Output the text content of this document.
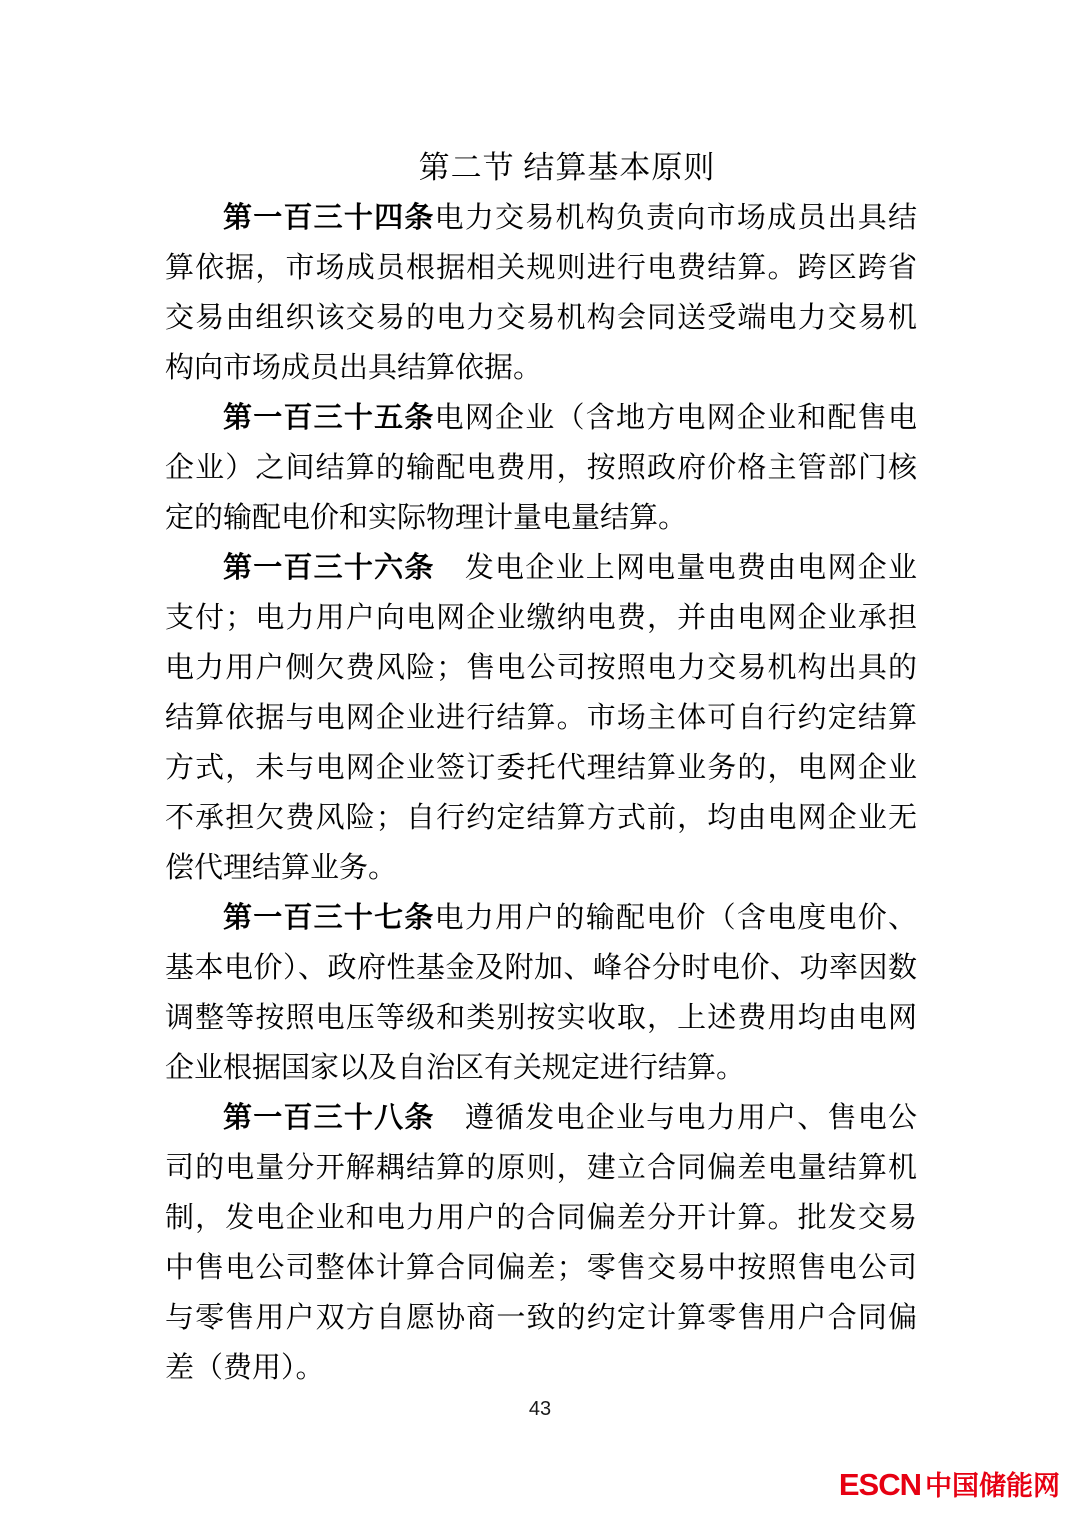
第二节 结算基本原则

第一百三十四条电力交易机构负责向市场成员出具结算依据，市场成员根据相关规则进行电费结算。跨区跨省交易由组织该交易的电力交易机构会同送受端电力交易机构向市场成员出具结算依据。

第一百三十五条电网企业（含地方电网企业和配售电企业）之间结算的输配电费用，按照政府价格主管部门核定的输配电价和实际物理计量电量结算。

第一百三十六条　发电企业上网电量电费由电网企业支付；电力用户向电网企业缴纳电费，并由电网企业承担电力用户侧欠费风险；售电公司按照电力交易机构出具的结算依据与电网企业进行结算。市场主体可自行约定结算方式，未与电网企业签订委托代理结算业务的，电网企业不承担欠费风险；自行约定结算方式前，均由电网企业无偿代理结算业务。

第一百三十七条电力用户的输配电价（含电度电价、基本电价）、政府性基金及附加、峰谷分时电价、功率因数调整等按照电压等级和类别按实收取，上述费用均由电网企业根据国家以及自治区有关规定进行结算。

第一百三十八条　遵循发电企业与电力用户、售电公司的电量分开解耦结算的原则，建立合同偏差电量结算机制，发电企业和电力用户的合同偏差分开计算。批发交易中售电公司整体计算合同偏差；零售交易中按照售电公司与零售用户双方自愿协商一致的约定计算零售用户合同偏差（费用）。

43
ESCN 中国储能网
